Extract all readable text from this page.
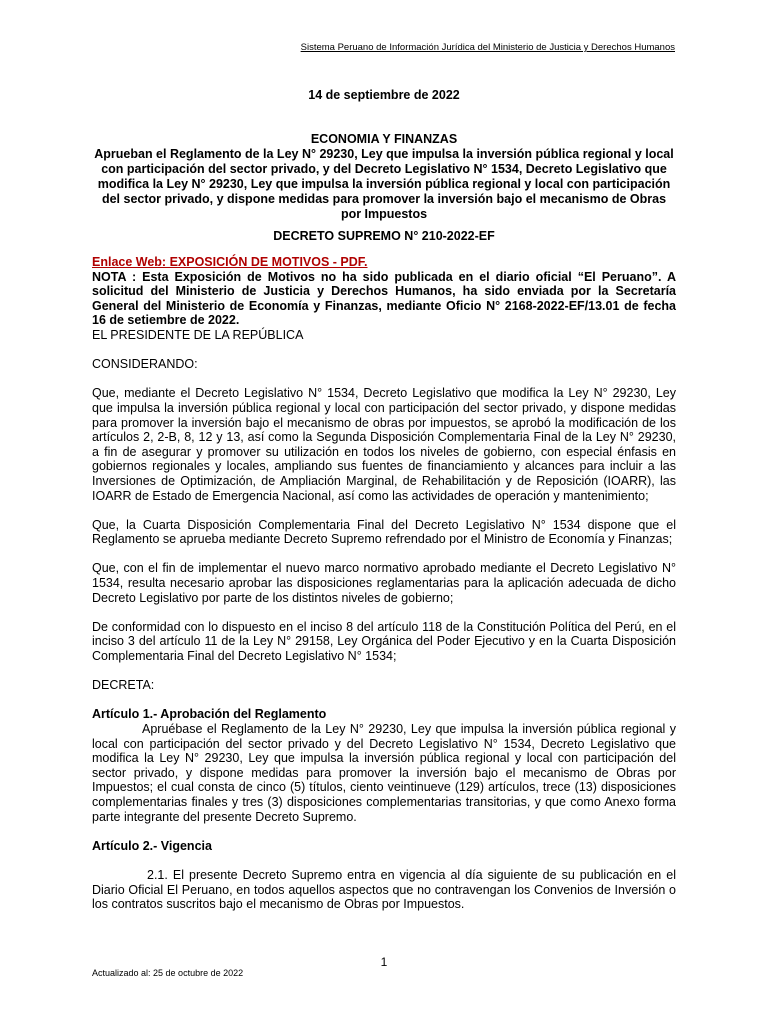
Sistema Peruano de Información Jurídica del Ministerio de Justicia y Derechos Humanos
14 de septiembre de 2022
ECONOMIA Y FINANZAS
Aprueban el Reglamento de la Ley N° 29230, Ley que impulsa la inversión pública regional y local con participación del sector privado, y del Decreto Legislativo N° 1534, Decreto Legislativo que modifica la Ley N° 29230, Ley que impulsa la inversión pública regional y local con participación del sector privado, y dispone medidas para promover la inversión bajo el mecanismo de Obras por Impuestos
DECRETO SUPREMO N° 210-2022-EF

Enlace Web: EXPOSICIÓN DE MOTIVOS - PDF.

NOTA : Esta Exposición de Motivos no ha sido publicada en el diario oficial “El Peruano”. A solicitud del Ministerio de Justicia y Derechos Humanos, ha sido enviada por la Secretaría General del Ministerio de Economía y Finanzas, mediante Oficio N° 2168-2022-EF/13.01 de fecha 16 de setiembre de 2022.

EL PRESIDENTE DE LA REPÚBLICA

CONSIDERANDO:

Que, mediante el Decreto Legislativo N° 1534, Decreto Legislativo que modifica la Ley N° 29230, Ley que impulsa la inversión pública regional y local con participación del sector privado, y dispone medidas para promover la inversión bajo el mecanismo de obras por impuestos, se aprobó la modificación de los artículos 2, 2-B, 8, 12 y 13, así como la Segunda Disposición Complementaria Final de la Ley N° 29230, a fin de asegurar y promover su utilización en todos los niveles de gobierno, con especial énfasis en gobiernos regionales y locales, ampliando sus fuentes de financiamiento y alcances para incluir a las Inversiones de Optimización, de Ampliación Marginal, de Rehabilitación y de Reposición (IOARR), las IOARR de Estado de Emergencia Nacional, así como las actividades de operación y mantenimiento;

Que, la Cuarta Disposición Complementaria Final del Decreto Legislativo N° 1534 dispone que el Reglamento se aprueba mediante Decreto Supremo refrendado por el Ministro de Economía y Finanzas;

Que, con el fin de implementar el nuevo marco normativo aprobado mediante el Decreto Legislativo N° 1534, resulta necesario aprobar las disposiciones reglamentarias para la aplicación adecuada de dicho Decreto Legislativo por parte de los distintos niveles de gobierno;

De conformidad con lo dispuesto en el inciso 8 del artículo 118 de la Constitución Política del Perú, en el inciso 3 del artículo 11 de la Ley N° 29158, Ley Orgánica del Poder Ejecutivo y en la Cuarta Disposición Complementaria Final del Decreto Legislativo N° 1534;

DECRETA:

Artículo 1.- Aprobación del Reglamento

Apruébase el Reglamento de la Ley N° 29230, Ley que impulsa la inversión pública regional y local con participación del sector privado y del Decreto Legislativo N° 1534, Decreto Legislativo que modifica la Ley N° 29230, Ley que impulsa la inversión pública regional y local con participación del sector privado, y dispone medidas para promover la inversión bajo el mecanismo de Obras por Impuestos; el cual consta de cinco (5) títulos, ciento veintinueve (129) artículos, trece (13) disposiciones complementarias finales y tres (3) disposiciones complementarias transitorias, y que como Anexo forma parte integrante del presente Decreto Supremo.

Artículo 2.- Vigencia

2.1. El presente Decreto Supremo entra en vigencia al día siguiente de su publicación en el Diario Oficial El Peruano, en todos aquellos aspectos que no contravengan los Convenios de Inversión o los contratos suscritos bajo el mecanismo de Obras por Impuestos.

1
Actualizado al: 25 de octubre de 2022
